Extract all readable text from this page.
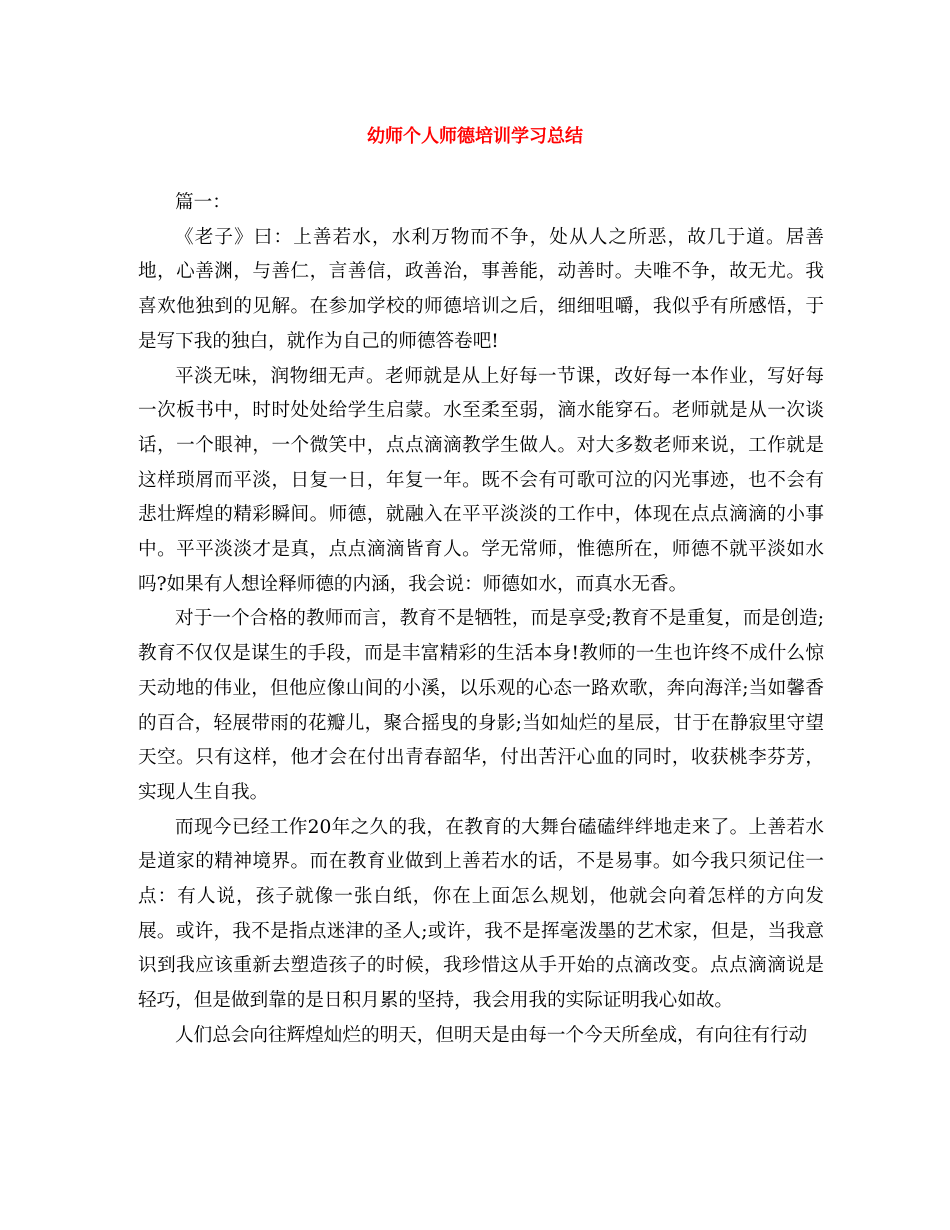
幼师个人师德培训学习总结

篇一：

《老子》曰：上善若水，水利万物而不争，处从人之所恶，故几于道。居善地，心善渊，与善仁，言善信，政善治，事善能，动善时。夫唯不争，故无尤。我喜欢他独到的见解。在参加学校的师德培训之后，细细咀嚼，我似乎有所感悟，于是写下我的独白，就作为自己的师德答卷吧!

平淡无味，润物细无声。老师就是从上好每一节课，改好每一本作业，写好每一次板书中，时时处处给学生启蒙。水至柔至弱，滴水能穿石。老师就是从一次谈话，一个眼神，一个微笑中，点点滴滴教学生做人。对大多数老师来说，工作就是这样琐屑而平淡，日复一日，年复一年。既不会有可歌可泣的闪光事迹，也不会有悲壮辉煌的精彩瞬间。师德，就融入在平平淡淡的工作中，体现在点点滴滴的小事中。平平淡淡才是真，点点滴滴皆育人。学无常师，惟德所在，师德不就平淡如水吗?如果有人想诠释师德的内涵，我会说：师德如水，而真水无香。

对于一个合格的教师而言，教育不是牺牲，而是享受;教育不是重复，而是创造;教育不仅仅是谋生的手段，而是丰富精彩的生活本身!教师的一生也许终不成什么惊天动地的伟业，但他应像山间的小溪，以乐观的心态一路欢歌，奔向海洋;当如馨香的百合，轻展带雨的花瓣儿，聚合摇曳的身影;当如灿烂的星辰，甘于在静寂里守望天空。只有这样，他才会在付出青春韶华，付出苦汗心血的同时，收获桃李芬芳，实现人生自我。

而现今已经工作20年之久的我，在教育的大舞台磕磕绊绊地走来了。上善若水是道家的精神境界。而在教育业做到上善若水的话，不是易事。如今我只须记住一点：有人说，孩子就像一张白纸，你在上面怎么规划，他就会向着怎样的方向发展。或许，我不是指点迷津的圣人;或许，我不是挥毫泼墨的艺术家，但是，当我意识到我应该重新去塑造孩子的时候，我珍惜这从手开始的点滴改变。点点滴滴说是轻巧，但是做到靠的是日积月累的坚持，我会用我的实际证明我心如故。

人们总会向往辉煌灿烂的明天，但明天是由每一个今天所垒成，有向往有行动
